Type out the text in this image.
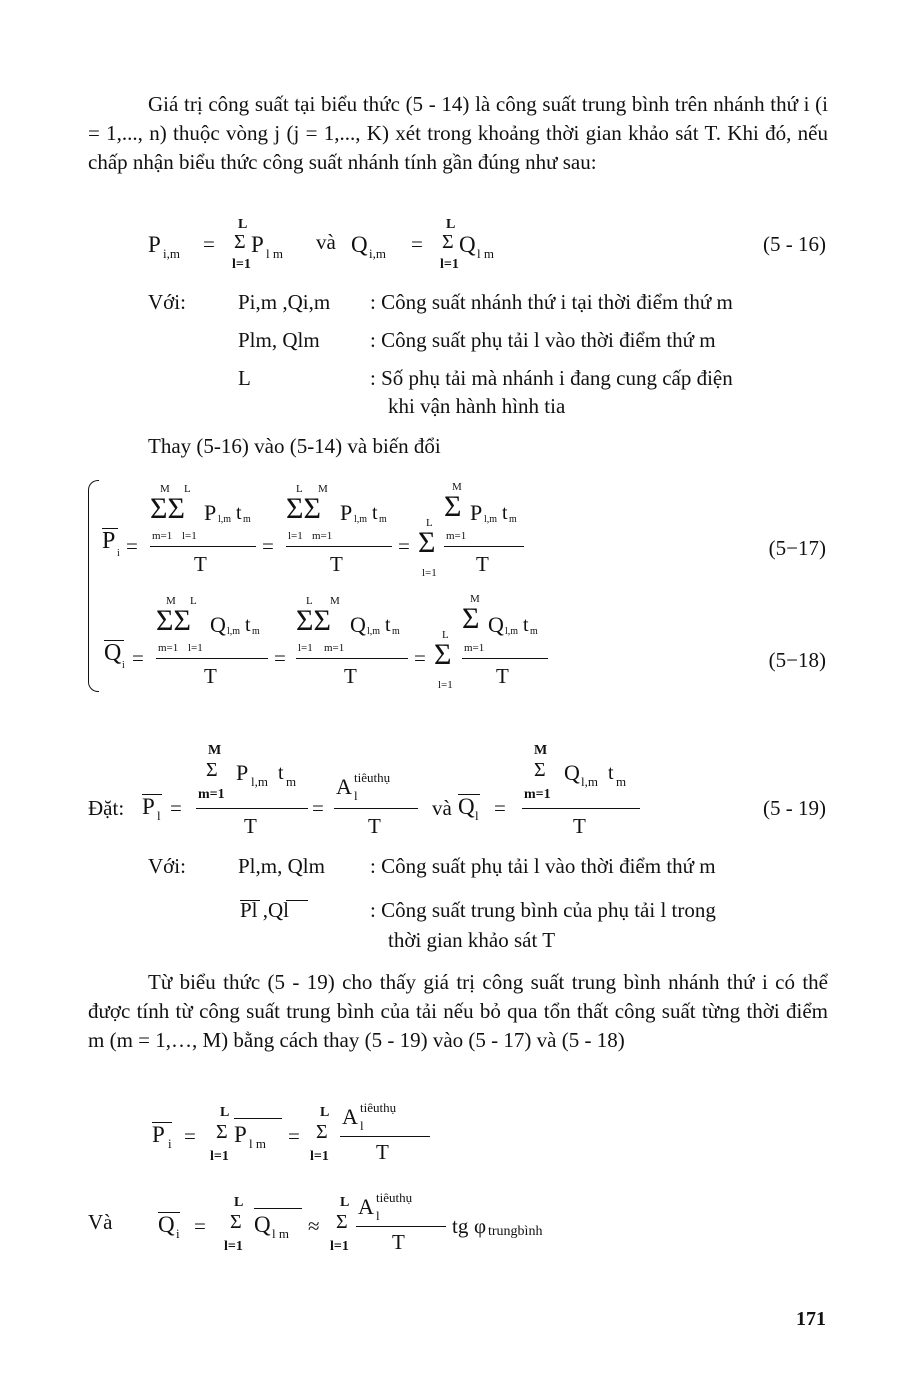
Giá trị công suất tại biểu thức (5 - 14) là công suất trung bình trên nhánh thứ i (i = 1,..., n) thuộc vòng j (j = 1,..., K) xét trong khoảng thời gian khảo sát T. Khi đó, nếu chấp nhận biểu thức công suất nhánh tính gần đúng như sau:
P i,m =
L
Σ
l=1
P l m và Q i,m =
L
Σ
l=1
Q l m	(5 - 16)
Với: Pi,m ,Qi,m : Công suất nhánh thứ i tại thời điểm thứ m
Plm, Qlm : Công suất phụ tải l vào thời điểm thứ m
L	: Số phụ tải mà nhánh i đang cung cấp điện
khi vận hành hình tia
Thay (5-16) vào (5-14) và biến đổi
P i =
M L
ΣΣ
m=1 l=1
P l,m t m
T
=
L M
ΣΣ
l=1 m=1
P l,m t m
T
=
L
Σ
l=1
M
Σ
m=1
P l,m t m
T
(5−17)
Q i =
M L
ΣΣ
m=1 l=1
Q l,m t m
T
=
L M
ΣΣ
l=1 m=1
Q l,m t m
T
=
L
Σ
l=1
M
Σ
m=1
Q l,m t m
T
(5−18)
Đặt: P l =
M
Σ
m=1
P l,m t m
T
=
A tiêuthụ
l
T
và Q l =
M
Σ
m=1
Q l,m t m
T
(5 - 19)
Với: Pl,m, Qlm : Công suất phụ tải l vào thời điểm thứ m
Pl ,Ql	: Công suất trung bình của phụ tải l trong
thời gian khảo sát T
Từ biểu thức (5 - 19) cho thấy giá trị công suất trung bình nhánh thứ i có thể được tính từ công suất trung bình của tải nếu bỏ qua tổn thất công suất từng thời điểm m (m = 1,…, M) bằng cách thay (5 - 19) vào (5 - 17) và (5 - 18)
P i =
L
Σ
l=1
P l m =
L
Σ
l=1
A tiêuthụ
l
T
Và Q i =
L
Σ
l=1
Q l m ≈
L
Σ
l=1
A tiêuthụ
l
T
tg φ trungbình
171
